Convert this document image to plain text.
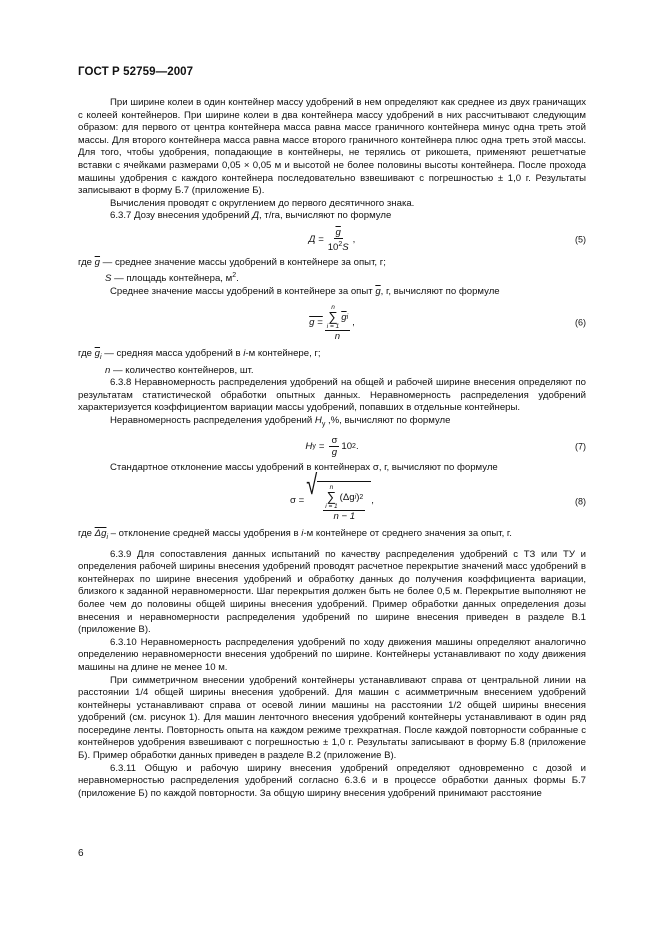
ГОСТ Р 52759—2007

При ширине колеи в один контейнер массу удобрений в нем определяют как среднее из двух граничащих с колеей контейнеров. При ширине колеи в два контейнера массу удобрений в них рассчитывают следующим образом: для первого от центра контейнера масса равна массе граничного контейнера минус одна треть этой массы. Для второго контейнера масса равна массе второго граничного контейнера плюс одна треть этой массы. Для того, чтобы удобрения, попадающие в контейнеры, не терялись от рикошета, применяют решетчатые вставки с ячейками размерами 0,05 × 0,05 м и высотой не более половины высоты контейнера. После прохода машины удобрения с каждого контейнера последовательно взвешивают с погрешностью ± 1,0 г. Результаты записывают в форму Б.7 (приложение Б).

Вычисления проводят с округлением до первого десятичного знака.

6.3.7 Дозу внесения удобрений Д, т/га, вычисляют по формуле

$Д = \frac{\overline{g}}{10^2S}$ ,	(5)

где $\overline{g}$ — среднее значение массы удобрений в контейнере за опыт, г;

S — площадь контейнера, $м^2$.

Среднее значение массы удобрений в контейнере за опыт $\overline{g}$, г, вычисляют по формуле

g = n
∑
i = 1
$\overline{g}$ i
n ,	(6)

где $\overline{g}_i$ — средняя масса удобрений в i-м контейнере, г;

n — количество контейнеров, шт.

6.3.8 Неравномерность распределения удобрений на общей и рабочей ширине внесения определяют по результатам статистической обработки опытных данных. Неравномерность распределения удобрений характеризуется коэффициентом вариации массы удобрений, попавших в отдельные контейнеры.

Неравномерность распределения удобрений $H_y$ ,%, вычисляют по формуле

H $y = \frac{\sigma}{g} 10$ 2 .	(7)

Стандартное отклонение массы удобрений в контейнерах σ, г, вычисляют по формуле

σ = √ n
∑
i = 1
(Δg i ) 2
n − 1
,	(8)

где $\overline{\Delta g}_i$ – отклонение средней массы удобрения в i-м контейнере от среднего значения за опыт, г.

6.3.9 Для сопоставления данных испытаний по качеству распределения удобрений с ТЗ или ТУ и определения рабочей ширины внесения удобрений проводят расчетное перекрытие значений масс удобрений в контейнерах по ширине внесения удобрений и обработку данных до получения коэффициента вариации, близкого к заданной неравномерности. Шаг перекрытия должен быть не более 0,5 м. Перекрытие выполняют не более чем до половины общей ширины внесения удобрений. Пример обработки данных определения дозы внесения и неравномерности распределения удобрений по ширине внесения приведен в разделе В.1 (приложение В).

6.3.10 Неравномерность распределения удобрений по ходу движения машины определяют аналогично определению неравномерности внесения удобрений по ширине. Контейнеры устанавливают по ходу движения машины на длине не менее 10 м.

При симметричном внесении удобрений контейнеры устанавливают справа от центральной линии на расстоянии 1/4 общей ширины внесения удобрений. Для машин с асимметричным внесением удобрений контейнеры устанавливают справа от осевой линии машины на расстоянии 1/2 общей ширины внесения удобрений (см. рисунок 1). Для машин ленточного внесения удобрений контейнеры устанавливают в один ряд посередине ленты. Повторность опыта на каждом режиме трехкратная. После каждой повторности собранные с контейнеров удобрения взвешивают с погрешностью ± 1,0 г. Результаты записывают в форму Б.8 (приложение Б). Пример обработки данных приведен в разделе В.2 (приложение В).

6.3.11 Общую и рабочую ширину внесения удобрений определяют одновременно с дозой и неравномерностью распределения удобрений согласно 6.3.6 и в процессе обработки данных формы Б.7 (приложение Б) по каждой повторности. За общую ширину внесения удобрений принимают расстояние

6
